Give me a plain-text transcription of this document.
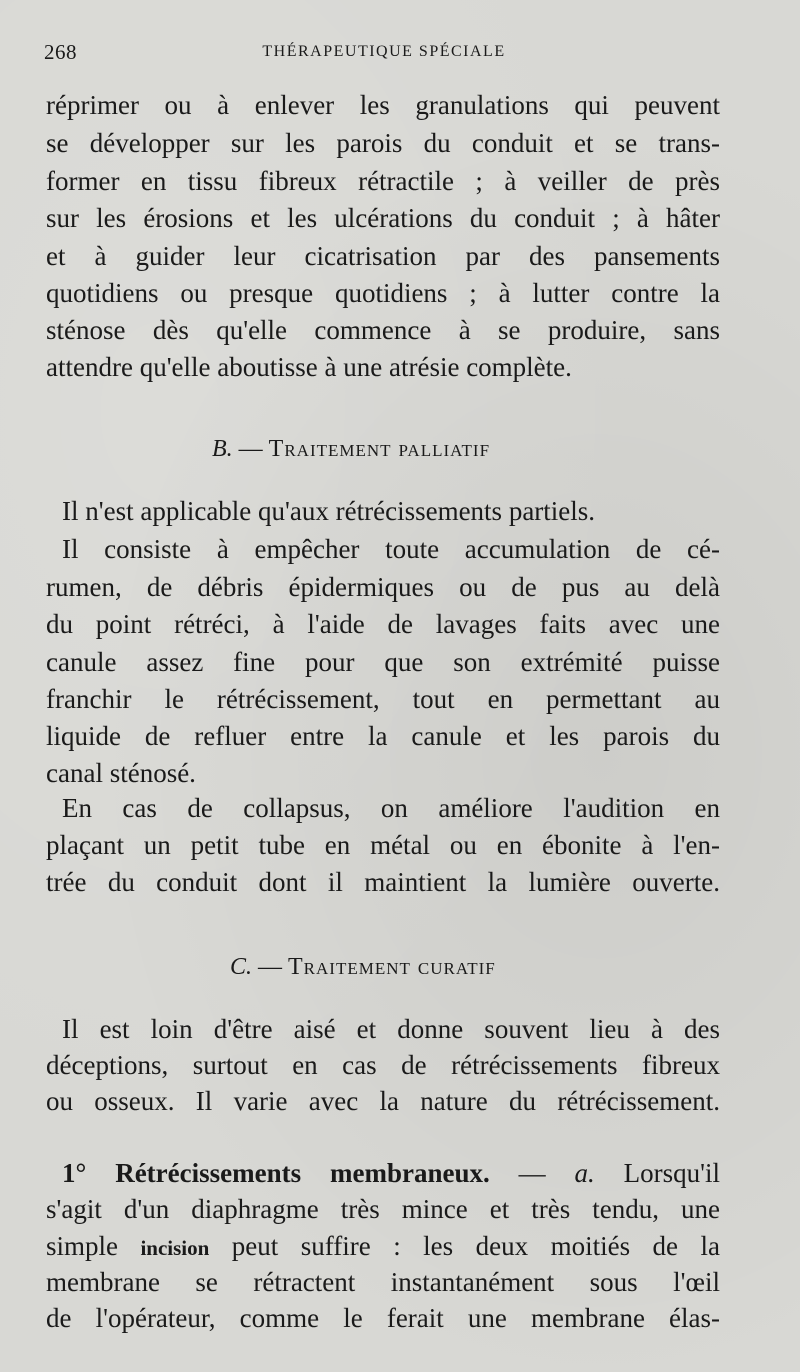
268	THÉRAPEUTIQUE SPÉCIALE
réprimer ou à enlever les granulations qui peuvent
se développer sur les parois du conduit et se trans-
former en tissu fibreux rétractile ; à veiller de près
sur les érosions et les ulcérations du conduit ; à hâter
et à guider leur cicatrisation par des pansements
quotidiens ou presque quotidiens ; à lutter contre la
sténose dès qu'elle commence à se produire, sans
attendre qu'elle aboutisse à une atrésie complète.
B. — Traitement palliatif
Il n'est applicable qu'aux rétrécissements partiels.
Il consiste à empêcher toute accumulation de cé-
rumen, de débris épidermiques ou de pus au delà
du point rétréci, à l'aide de lavages faits avec une
canule assez fine pour que son extrémité puisse
franchir le rétrécissement, tout en permettant au
liquide de refluer entre la canule et les parois du
canal sténosé.
En cas de collapsus, on améliore l'audition en
plaçant un petit tube en métal ou en ébonite à l'en-
trée du conduit dont il maintient la lumière ouverte.
C. — Traitement curatif
Il est loin d'être aisé et donne souvent lieu à des
déceptions, surtout en cas de rétrécissements fibreux
ou osseux. Il varie avec la nature du rétrécissement.
1° Rétrécissements membraneux. — a. Lorsqu'il
s'agit d'un diaphragme très mince et très tendu, une
simple incision peut suffire : les deux moitiés de la
membrane se rétractent instantanément sous l'œil
de l'opérateur, comme le ferait une membrane élas-
